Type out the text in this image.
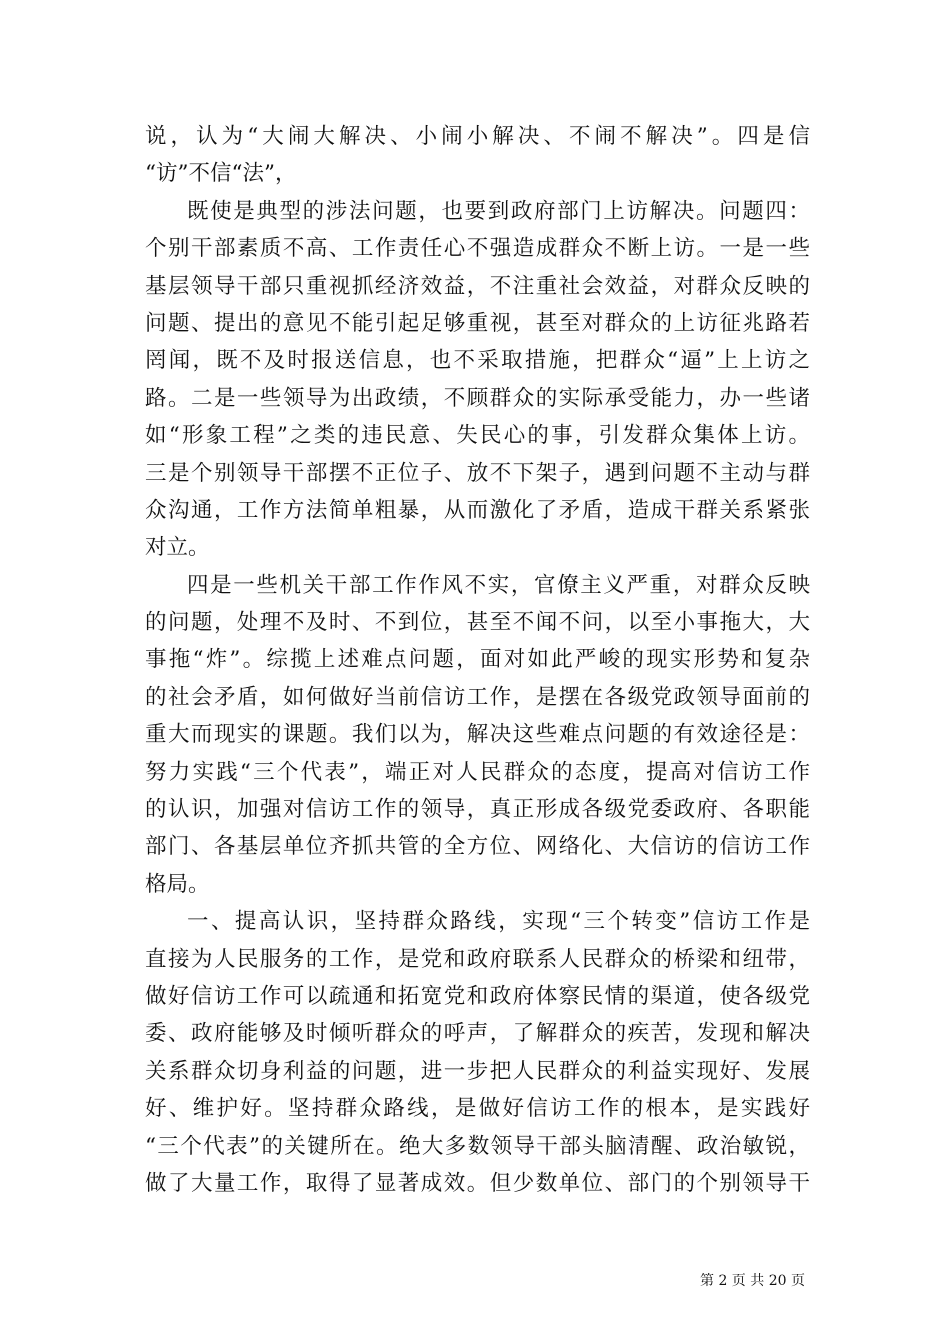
说，认为“大闹大解决、小闹小解决、不闹不解决”。四是信
“访”不信“法”，
既使是典型的涉法问题，也要到政府部门上访解决。问题四：
个别干部素质不高、工作责任心不强造成群众不断上访。一是一些
基层领导干部只重视抓经济效益，不注重社会效益，对群众反映的
问题、提出的意见不能引起足够重视，甚至对群众的上访征兆路若
罔闻，既不及时报送信息，也不采取措施，把群众“逼”上上访之
路。二是一些领导为出政绩，不顾群众的实际承受能力，办一些诸
如“形象工程”之类的违民意、失民心的事，引发群众集体上访。
三是个别领导干部摆不正位子、放不下架子，遇到问题不主动与群
众沟通，工作方法简单粗暴，从而激化了矛盾，造成干群关系紧张
对立。
四是一些机关干部工作作风不实，官僚主义严重，对群众反映
的问题，处理不及时、不到位，甚至不闻不问，以至小事拖大，大
事拖“炸”。综揽上述难点问题，面对如此严峻的现实形势和复杂
的社会矛盾，如何做好当前信访工作，是摆在各级党政领导面前的
重大而现实的课题。我们以为，解决这些难点问题的有效途径是：
努力实践“三个代表”，端正对人民群众的态度，提高对信访工作
的认识，加强对信访工作的领导，真正形成各级党委政府、各职能
部门、各基层单位齐抓共管的全方位、网络化、大信访的信访工作
格局。
一、提高认识，坚持群众路线，实现“三个转变”信访工作是
直接为人民服务的工作，是党和政府联系人民群众的桥梁和纽带，
做好信访工作可以疏通和拓宽党和政府体察民情的渠道，使各级党
委、政府能够及时倾听群众的呼声，了解群众的疾苦，发现和解决
关系群众切身利益的问题，进一步把人民群众的利益实现好、发展
好、维护好。坚持群众路线，是做好信访工作的根本，是实践好
“三个代表”的关键所在。绝大多数领导干部头脑清醒、政治敏锐，
做了大量工作，取得了显著成效。但少数单位、部门的个别领导干
第 2 页 共 20 页
